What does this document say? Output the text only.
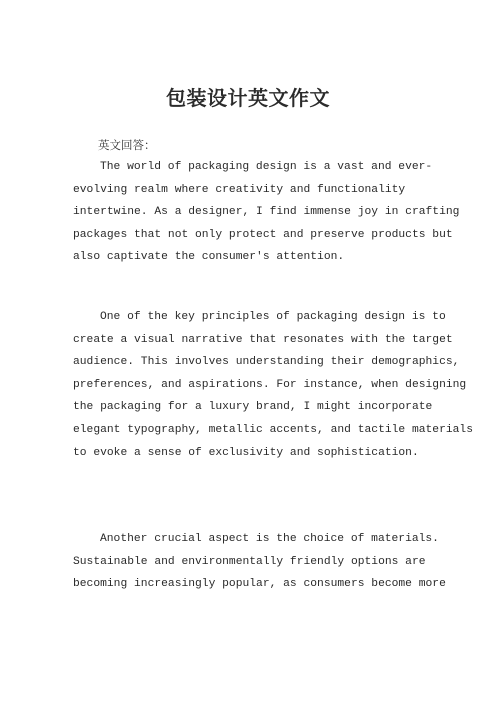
包装设计英文作文

英文回答：

The world of packaging design is a vast and ever-
evolving realm where creativity and functionality
intertwine. As a designer, I find immense joy in crafting
packages that not only protect and preserve products but
also captivate the consumer's attention.
One of the key principles of packaging design is to
create a visual narrative that resonates with the target
audience. This involves understanding their demographics,
preferences, and aspirations. For instance, when designing
the packaging for a luxury brand, I might incorporate
elegant typography, metallic accents, and tactile materials
to evoke a sense of exclusivity and sophistication.
Another crucial aspect is the choice of materials.
Sustainable and environmentally friendly options are
becoming increasingly popular, as consumers become more
